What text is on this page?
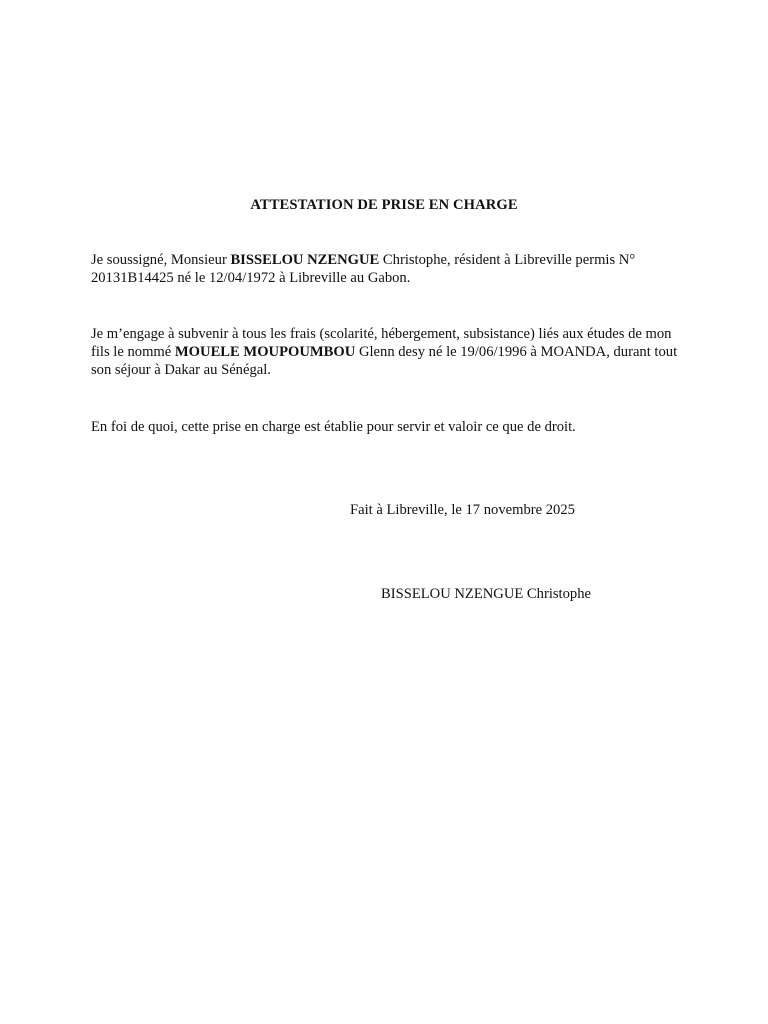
ATTESTATION DE PRISE EN CHARGE

Je soussigné, Monsieur BISSELOU NZENGUE Christophe, résident à Libreville permis N° 20131B14425 né le 12/04/1972 à Libreville au Gabon.

Je m’engage à subvenir à tous les frais (scolarité, hébergement, subsistance) liés aux études de mon fils le nommé MOUELE MOUPOUMBOU Glenn desy né le 19/06/1996 à MOANDA, durant tout son séjour à Dakar au Sénégal.

En foi de quoi, cette prise en charge est établie pour servir et valoir ce que de droit.

Fait à Libreville, le 17 novembre 2025
BISSELOU NZENGUE Christophe
